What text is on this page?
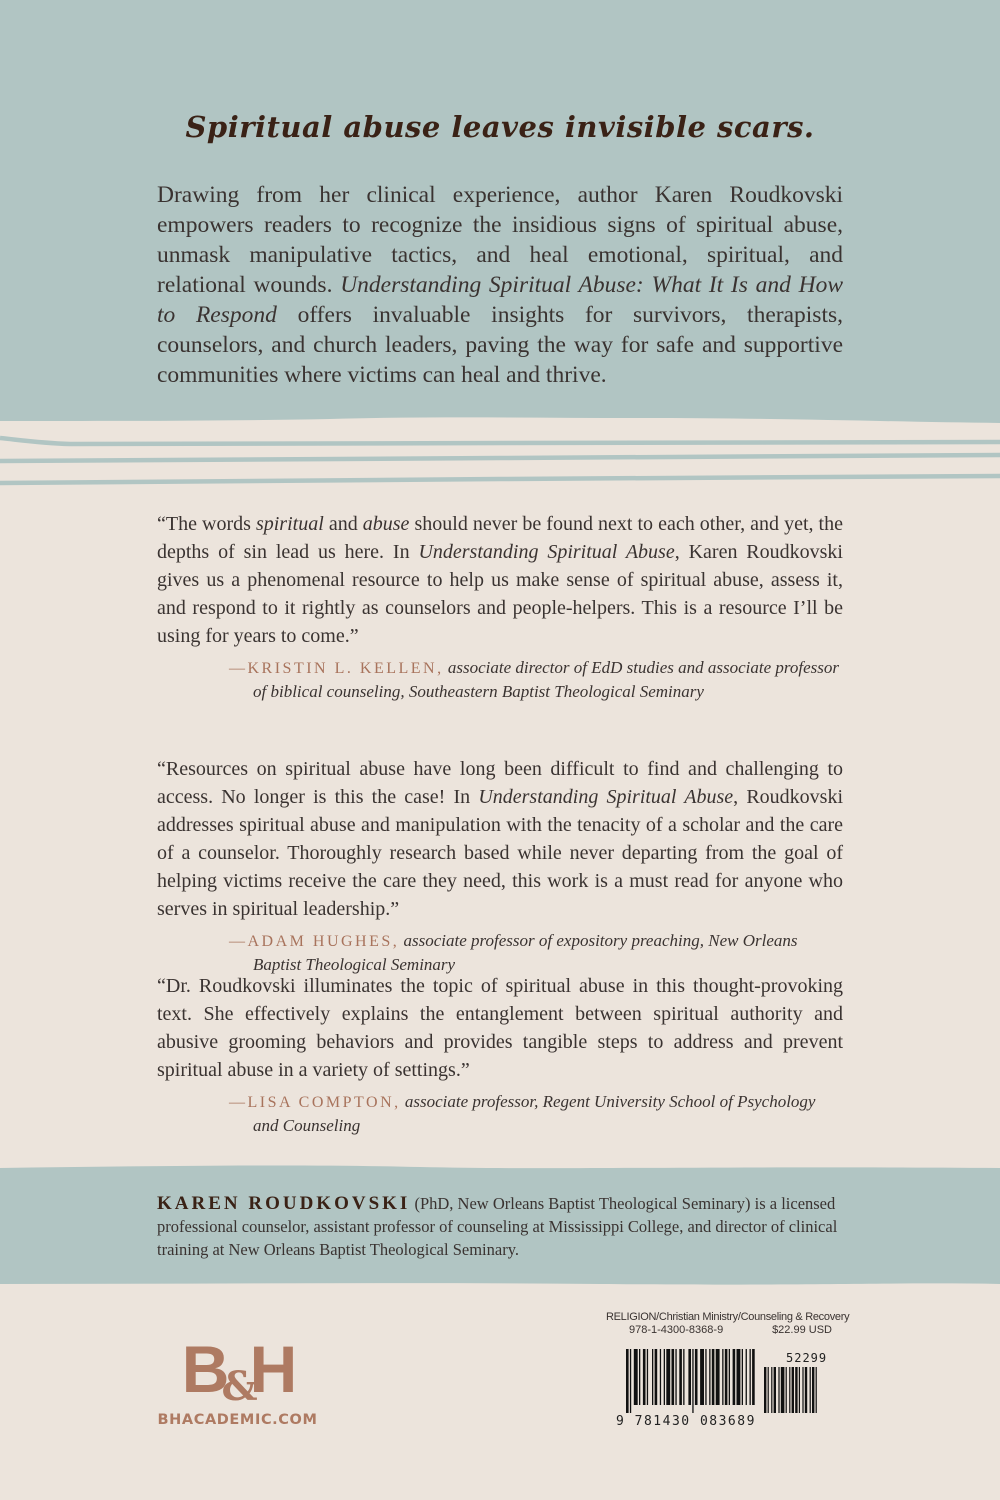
Spiritual abuse leaves invisible scars.

Drawing from her clinical experience, author Karen Roudkovski empowers readers to recognize the insidious signs of spiritual abuse, unmask manipulative tactics, and heal emotional, spiritual, and relational wounds. Understanding Spiritual Abuse: What It Is and How to Respond offers invaluable insights for survivors, therapists, counselors, and church leaders, paving the way for safe and supportive communities where victims can heal and thrive.

“The words spiritual and abuse should never be found next to each other, and yet, the depths of sin lead us here. In Understanding Spiritual Abuse, Karen Roudkovski gives us a phenomenal resource to help us make sense of spiritual abuse, assess it, and respond to it rightly as counselors and people-helpers. This is a resource I’ll be using for years to come.”

—KRISTIN L. KELLEN, associate director of EdD studies and associate professor of biblical counseling, Southeastern Baptist Theological Seminary

“Resources on spiritual abuse have long been difficult to find and challenging to access. No longer is this the case! In Understanding Spiritual Abuse, Roudkovski addresses spiritual abuse and manipulation with the tenacity of a scholar and the care of a counselor. Thoroughly research based while never departing from the goal of helping victims receive the care they need, this work is a must read for anyone who serves in spiritual leadership.”

—ADAM HUGHES, associate professor of expository preaching, New Orleans Baptist Theological Seminary

“Dr. Roudkovski illuminates the topic of spiritual abuse in this thought-provoking text. She effectively explains the entanglement between spiritual authority and abusive grooming behaviors and provides tangible steps to address and prevent spiritual abuse in a variety of settings.”

—LISA COMPTON, associate professor, Regent University School of Psychology and Counseling

KAREN ROUDKOVSKI (PhD, New Orleans Baptist Theological Seminary) is a licensed professional counselor, assistant professor of counseling at Mississippi College, and director of clinical training at New Orleans Baptist Theological Seminary.

B&H
BHACADEMIC.COM
RELIGION/Christian Ministry/Counseling & Recovery
978-1-4300-8368-9	$22.99 USD
9 781430 083689
52299
